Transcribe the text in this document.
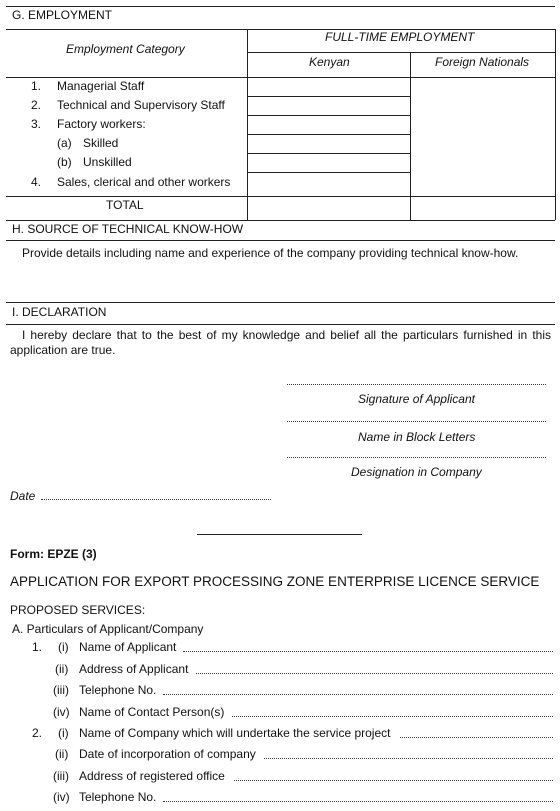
G. EMPLOYMENT
Employment Category
FULL-TIME EMPLOYMENT
Kenyan	Foreign Nationals
1. Managerial Staff
2. Technical and Supervisory Staff
3. Factory workers:
(a) Skilled
(b) Unskilled
4. Sales, clerical and other workers
TOTAL
H. SOURCE OF TECHNICAL KNOW-HOW
Provide details including name and experience of the company providing technical know-how.
I. DECLARATION
I hereby declare that to the best of my knowledge and belief all the particulars furnished in this application are true.
Signature of Applicant
Name in Block Letters
Designation in Company
Date
Form: EPZE (3)
APPLICATION FOR EXPORT PROCESSING ZONE ENTERPRISE LICENCE SERVICE
PROPOSED SERVICES:
A. Particulars of Applicant/Company
1. (i) Name of Applicant
(ii) Address of Applicant
(iii) Telephone No.
(iv) Name of Contact Person(s)
2. (i) Name of Company which will undertake the service project
(ii) Date of incorporation of company
(iii) Address of registered office
(iv) Telephone No.
